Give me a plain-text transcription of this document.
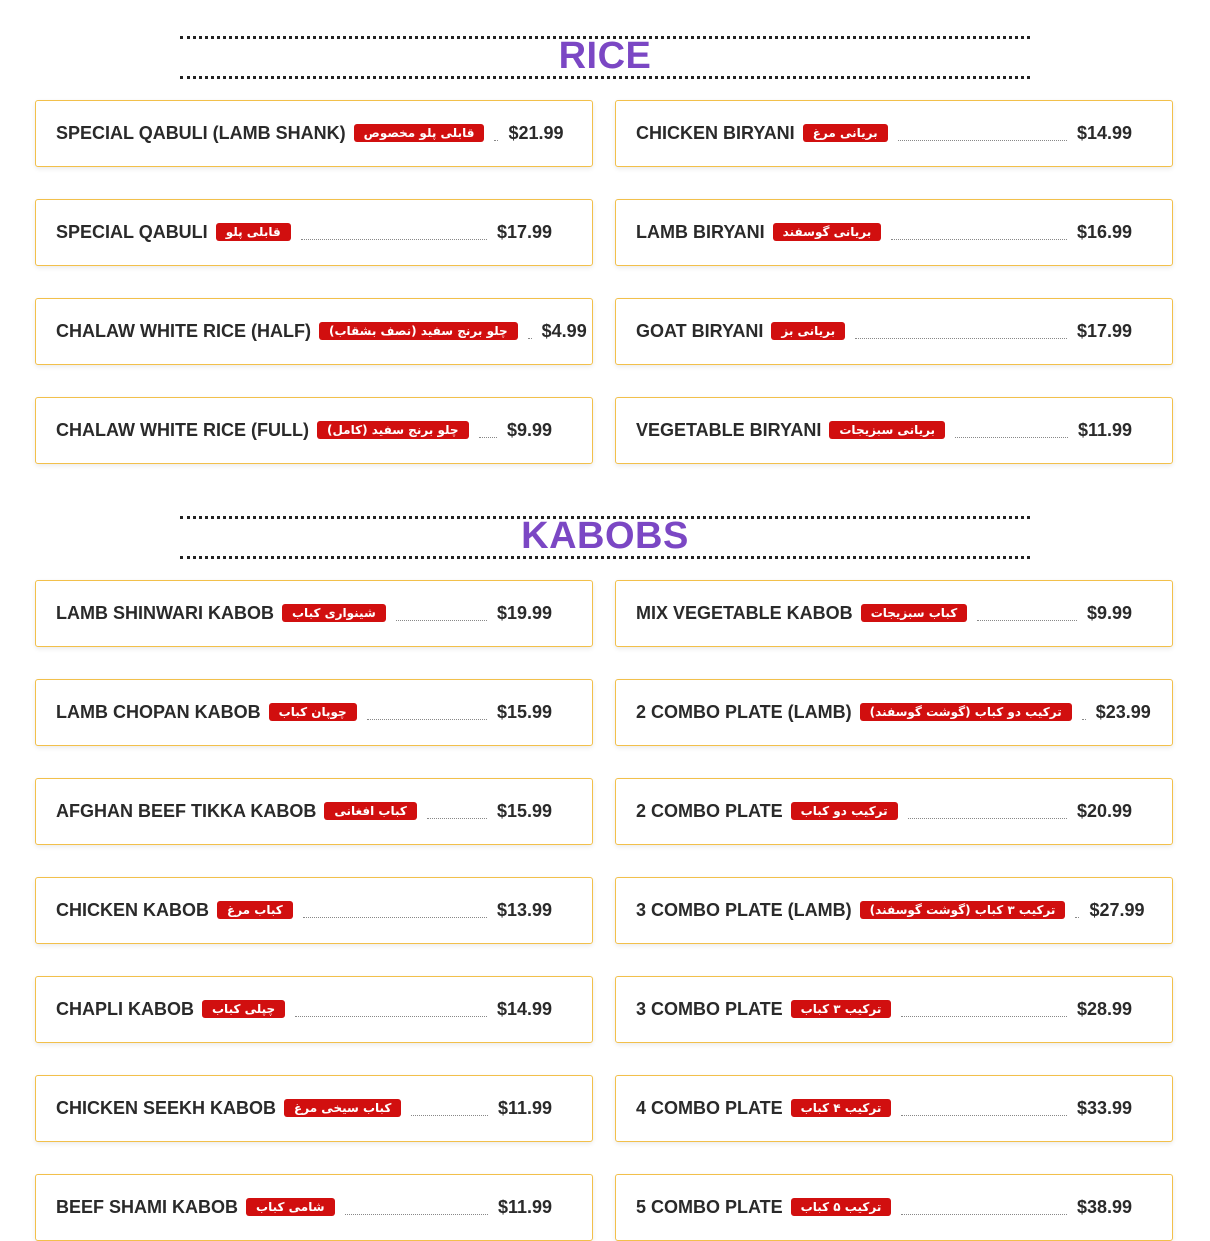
RICE
SPECIAL QABULI (LAMB SHANK)	قابلی پلو مخصوص	$21.99
SPECIAL QABULI	قابلی پلو	$17.99
CHALAW WHITE RICE (HALF)	چلو برنج سفید (نصف بشقاب)	$4.99
CHALAW WHITE RICE (FULL)	چلو برنج سفید (کامل)	$9.99
CHICKEN BIRYANI	بریانی مرغ	$14.99
LAMB BIRYANI	بریانی گوسفند	$16.99
GOAT BIRYANI	بریانی بز	$17.99
VEGETABLE BIRYANI	بریانی سبزیجات	$11.99
KABOBS
LAMB SHINWARI KABOB	شینواری کباب	$19.99
LAMB CHOPAN KABOB	چوپان کباب	$15.99
AFGHAN BEEF TIKKA KABOB	کباب افغانی	$15.99
CHICKEN KABOB	کباب مرغ	$13.99
CHAPLI KABOB	چپلی کباب	$14.99
CHICKEN SEEKH KABOB	کباب سیخی مرغ	$11.99
BEEF SHAMI KABOB	شامی کباب	$11.99
MIX VEGETABLE KABOB	کباب سبزیجات	$9.99
2 COMBO PLATE (LAMB)	ترکیب دو کباب (گوشت گوسفند)	$23.99
2 COMBO PLATE	ترکیب دو کباب	$20.99
3 COMBO PLATE (LAMB)	ترکیب ۳ کباب (گوشت گوسفند)	$27.99
3 COMBO PLATE	ترکیب ۳ کباب	$28.99
4 COMBO PLATE	ترکیب ۴ کباب	$33.99
5 COMBO PLATE	ترکیب ۵ کباب	$38.99
